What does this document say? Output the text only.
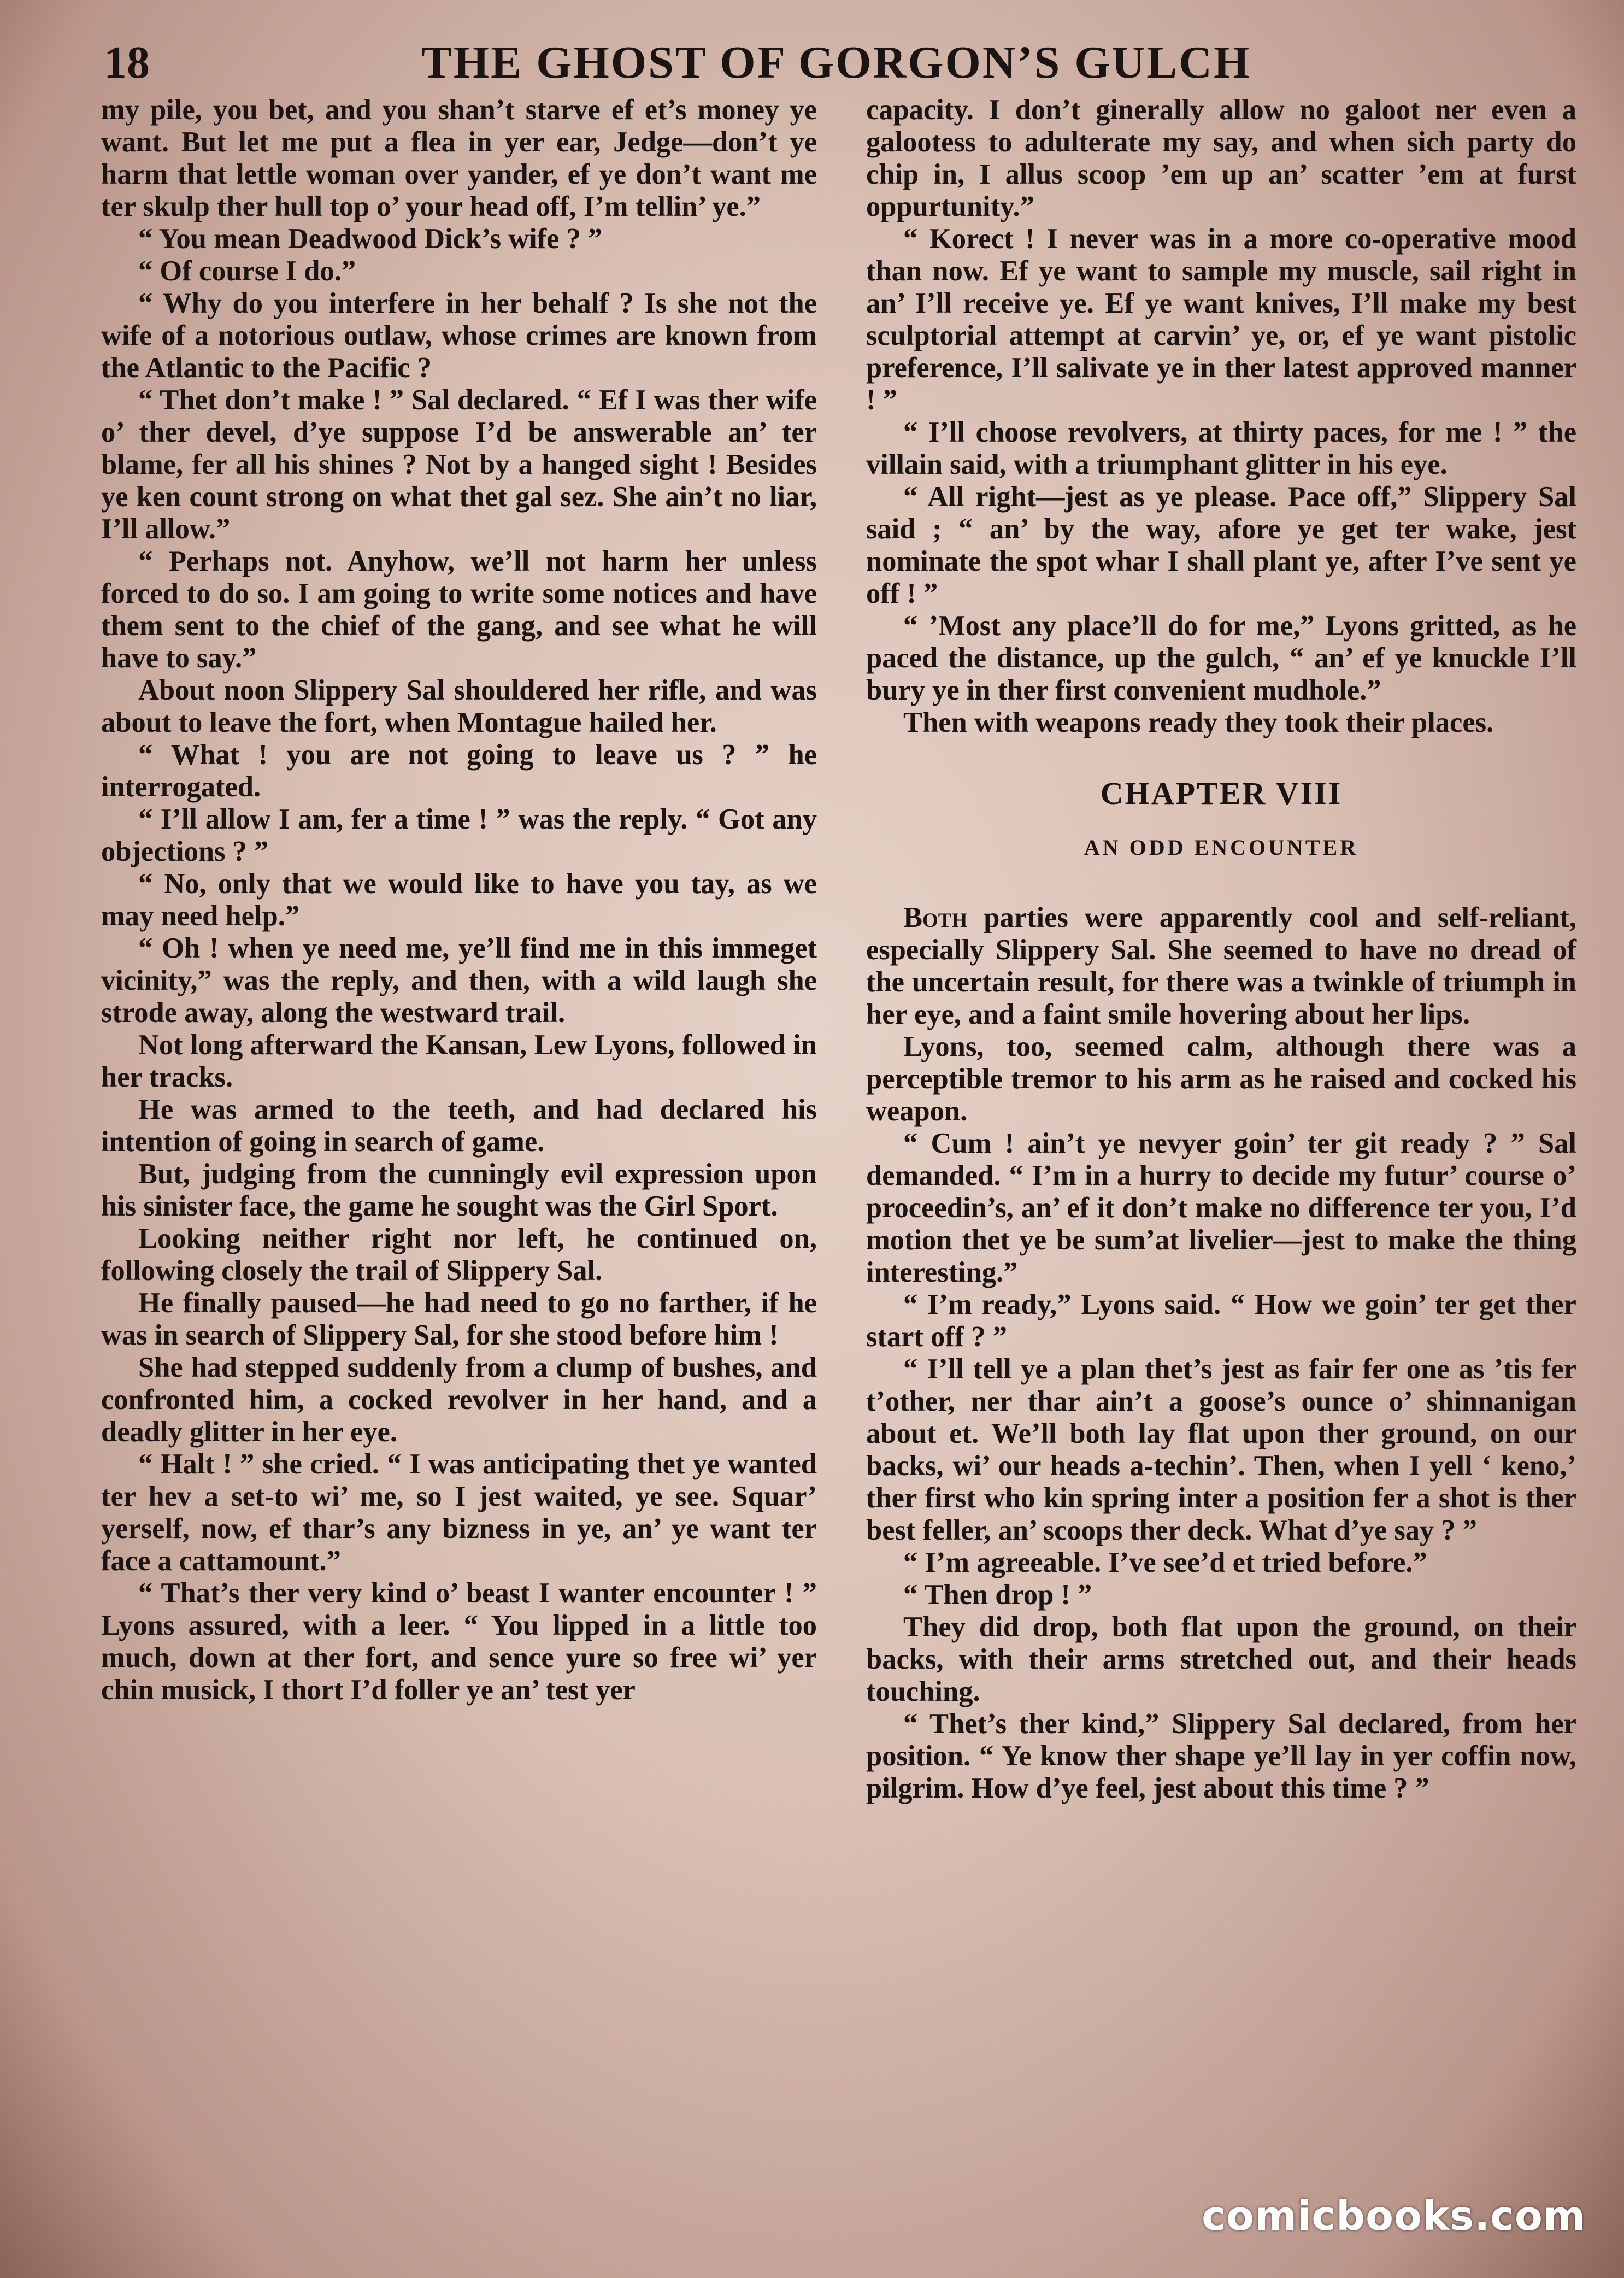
18	THE GHOST OF GORGON’S GULCH

my pile, you bet, and you shan’t starve ef et’s money ye want. But let me put a flea in yer ear, Jedge—don’t ye harm that lettle woman over yander, ef ye don’t want me ter skulp ther hull top o’ your head off, I’m tellin’ ye.”

“ You mean Deadwood Dick’s wife ? ”

“ Of course I do.”

“ Why do you interfere in her behalf ? Is she not the wife of a notorious outlaw, whose crimes are known from the Atlantic to the Pacific ?

“ Thet don’t make ! ” Sal declared. “ Ef I was ther wife o’ ther devel, d’ye suppose I’d be answerable an’ ter blame, fer all his shines ? Not by a hanged sight ! Besides ye ken count strong on what thet gal sez. She ain’t no liar, I’ll allow.”

“ Perhaps not. Anyhow, we’ll not harm her unless forced to do so. I am going to write some notices and have them sent to the chief of the gang, and see what he will have to say.”

About noon Slippery Sal shouldered her rifle, and was about to leave the fort, when Montague hailed her.

“ What ! you are not going to leave us ? ” he interrogated.

“ I’ll allow I am, fer a time ! ” was the reply. “ Got any objections ? ”

“ No, only that we would like to have you tay, as we may need help.”

“ Oh ! when ye need me, ye’ll find me in this immeget vicinity,” was the reply, and then, with a wild laugh she strode away, along the westward trail.

Not long afterward the Kansan, Lew Lyons, followed in her tracks.

He was armed to the teeth, and had declared his intention of going in search of game.

But, judging from the cunningly evil expression upon his sinister face, the game he sought was the Girl Sport.

Looking neither right nor left, he continued on, following closely the trail of Slippery Sal.

He finally paused—he had need to go no farther, if he was in search of Slippery Sal, for she stood before him !

She had stepped suddenly from a clump of bushes, and confronted him, a cocked revolver in her hand, and a deadly glitter in her eye.

“ Halt ! ” she cried. “ I was anticipating thet ye wanted ter hev a set-to wi’ me, so I jest waited, ye see. Squar’ yerself, now, ef thar’s any bizness in ye, an’ ye want ter face a cattamount.”

“ That’s ther very kind o’ beast I wanter encounter ! ” Lyons assured, with a leer. “ You lipped in a little too much, down at ther fort, and sence yure so free wi’ yer chin musick, I thort I’d foller ye an’ test yer

capacity. I don’t ginerally allow no galoot ner even a galootess to adulterate my say, and when sich party do chip in, I allus scoop ’em up an’ scatter ’em at furst oppurtunity.”

“ Korect ! I never was in a more co-operative mood than now. Ef ye want to sample my muscle, sail right in an’ I’ll receive ye. Ef ye want knives, I’ll make my best sculptorial attempt at carvin’ ye, or, ef ye want pistolic preference, I’ll salivate ye in ther latest approved manner ! ”

“ I’ll choose revolvers, at thirty paces, for me ! ” the villain said, with a triumphant glitter in his eye.

“ All right—jest as ye please. Pace off,” Slippery Sal said ; “ an’ by the way, afore ye get ter wake, jest nominate the spot whar I shall plant ye, after I’ve sent ye off ! ”

“ ’Most any place’ll do for me,” Lyons gritted, as he paced the distance, up the gulch, “ an’ ef ye knuckle I’ll bury ye in ther first convenient mudhole.”

Then with weapons ready they took their places.

CHAPTER VIII
AN ODD ENCOUNTER

Both parties were apparently cool and self-reliant, especially Slippery Sal. She seemed to have no dread of the uncertain result, for there was a twinkle of triumph in her eye, and a faint smile hovering about her lips.

Lyons, too, seemed calm, although there was a perceptible tremor to his arm as he raised and cocked his weapon.

“ Cum ! ain’t ye nevyer goin’ ter git ready ? ” Sal demanded. “ I’m in a hurry to decide my futur’ course o’ proceedin’s, an’ ef it don’t make no difference ter you, I’d motion thet ye be sum’at livelier—jest to make the thing interesting.”

“ I’m ready,” Lyons said. “ How we goin’ ter get ther start off ? ”

“ I’ll tell ye a plan thet’s jest as fair fer one as ’tis fer t’other, ner thar ain’t a goose’s ounce o’ shinnanigan about et. We’ll both lay flat upon ther ground, on our backs, wi’ our heads a-techin’. Then, when I yell ‘ keno,’ ther first who kin spring inter a position fer a shot is ther best feller, an’ scoops ther deck. What d’ye say ? ”

“ I’m agreeable. I’ve see’d et tried before.”

“ Then drop ! ”

They did drop, both flat upon the ground, on their backs, with their arms stretched out, and their heads touching.

“ Thet’s ther kind,” Slippery Sal declared, from her position. “ Ye know ther shape ye’ll lay in yer coffin now, pilgrim. How d’ye feel, jest about this time ? ”

comicbooks.com
